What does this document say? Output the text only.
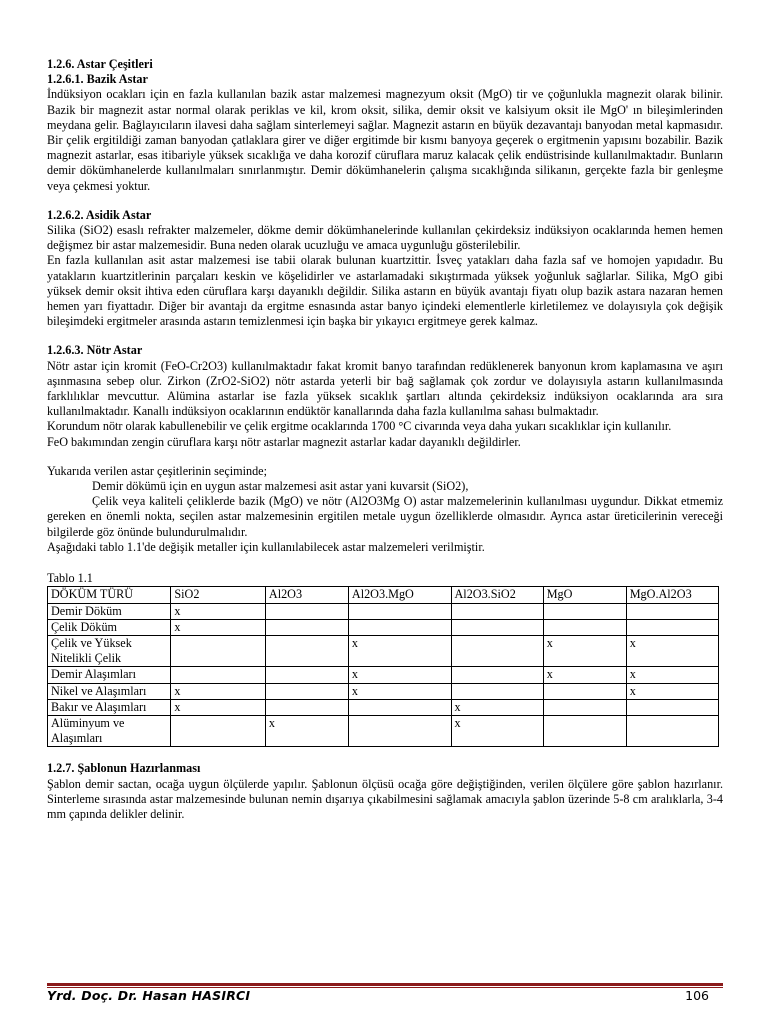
1.2.6. Astar Çeşitleri

1.2.6.1. Bazik Astar

İndüksiyon ocakları için en fazla kullanılan bazik astar malzemesi magnezyum oksit (MgO) tir ve çoğunlukla magnezit olarak bilinir. Bazik bir magnezit astar normal olarak periklas ve kil, krom oksit, silika, demir oksit ve kalsiyum oksit ile MgO' ın bileşimlerinden meydana gelir. Bağlayıcıların ilavesi daha sağlam sinterlemeyi sağlar. Magnezit astarın en büyük dezavantajı banyodan metal kapmasıdır. Bir çelik ergitildiği zaman banyodan çatlaklara girer ve diğer ergitimde bir kısmı banyoya geçerek o ergitmenin yapısını bozabilir. Bazik magnezit astarlar, esas itibariyle yüksek sıcaklığa ve daha korozif cüruflara maruz kalacak çelik endüstrisinde kullanılmaktadır. Bunların demir dökümhanelerde kullanılmaları sınırlanmıştır. Demir dökümhanelerin çalışma sıcaklığında silikanın, gerçekte fazla bir genleşme veya çekmesi yoktur.

1.2.6.2. Asidik Astar

Silika (SiO2) esaslı refrakter malzemeler, dökme demir dökümhanelerinde kullanılan çekirdeksiz indüksiyon ocaklarında hemen hemen değişmez bir astar malzemesidir. Buna neden olarak ucuzluğu ve amaca uygunluğu gösterilebilir.

En fazla kullanılan asit astar malzemesi ise tabii olarak bulunan kuartzittir. İsveç yatakları daha fazla saf ve homojen yapıdadır. Bu yatakların kuartzitlerinin parçaları keskin ve köşelidirler ve astarlamadaki sıkıştırmada yüksek yoğunluk sağlarlar. Silika, MgO gibi yüksek demir oksit ihtiva eden cüruflara karşı dayanıklı değildir. Silika astarın en büyük avantajı fiyatı olup bazik astara nazaran hemen hemen yarı fiyattadır. Diğer bir avantajı da ergitme esnasında astar banyo içindeki elementlerle kirletilemez ve dolayısıyla çok değişik bileşimdeki ergitmeler arasında astarın temizlenmesi için başka bir yıkayıcı ergitmeye gerek kalmaz.

1.2.6.3. Nötr Astar

Nötr astar için kromit (FeO-Cr2O3) kullanılmaktadır fakat kromit banyo tarafından redüklenerek banyonun krom kaplamasına ve aşırı aşınmasına sebep olur. Zirkon (ZrO2-SiO2) nötr astarda yeterli bir bağ sağlamak çok zordur ve dolayısıyla astarın kullanılmasında farklılıklar mevcuttur. Alümina astarlar ise fazla yüksek sıcaklık şartları altında çekirdeksiz indüksiyon ocaklarında ara sıra kullanılmaktadır. Kanallı indüksiyon ocaklarının endüktör kanallarında daha fazla kullanılma sahası bulmaktadır.

Korundum nötr olarak kabullenebilir ve çelik ergitme ocaklarında 1700 °C civarında veya daha yukarı sıcaklıklar için kullanılır.

FeO bakımından zengin cüruflara karşı nötr astarlar magnezit astarlar kadar dayanıklı değildirler.

Yukarıda verilen astar çeşitlerinin seçiminde;

Demir dökümü için en uygun astar malzemesi asit astar yani kuvarsit (SiO2),

Çelik veya kaliteli çeliklerde bazik (MgO) ve nötr (Al2O3Mg O) astar malzemelerinin kullanılması uygundur. Dikkat etmemiz gereken en önemli nokta, seçilen astar malzemesinin ergitilen metale uygun özelliklerde olmasıdır. Ayrıca astar üreticilerinin vereceği bilgilerde göz önünde bulundurulmalıdır.

Aşağıdaki tablo 1.1'de değişik metaller için kullanılabilecek astar malzemeleri verilmiştir.

Tablo 1.1

DÖKÜM TÜRÜ	SiO2	Al2O3	Al2O3.MgO	Al2O3.SiO2	MgO	MgO.Al2O3
Demir Döküm	x					
Çelik Döküm	x					
Çelik ve Yüksek Nitelikli Çelik			x		x	x
Demir Alaşımları			x		x	x
Nikel ve Alaşımları	x		x			x
Bakır ve Alaşımları	x			x		
Alüminyum ve Alaşımları		x		x		

1.2.7. Şablonun Hazırlanması

Şablon demir sactan, ocağa uygun ölçülerde yapılır. Şablonun ölçüsü ocağa göre değiştiğinden, verilen ölçülere göre şablon hazırlanır. Sinterleme sırasında astar malzemesinde bulunan nemin dışarıya çıkabilmesini sağlamak amacıyla şablon üzerinde 5-8 cm aralıklarla, 3-4 mm çapında delikler delinir.

Yrd. Doç. Dr. Hasan HASIRCI	106
